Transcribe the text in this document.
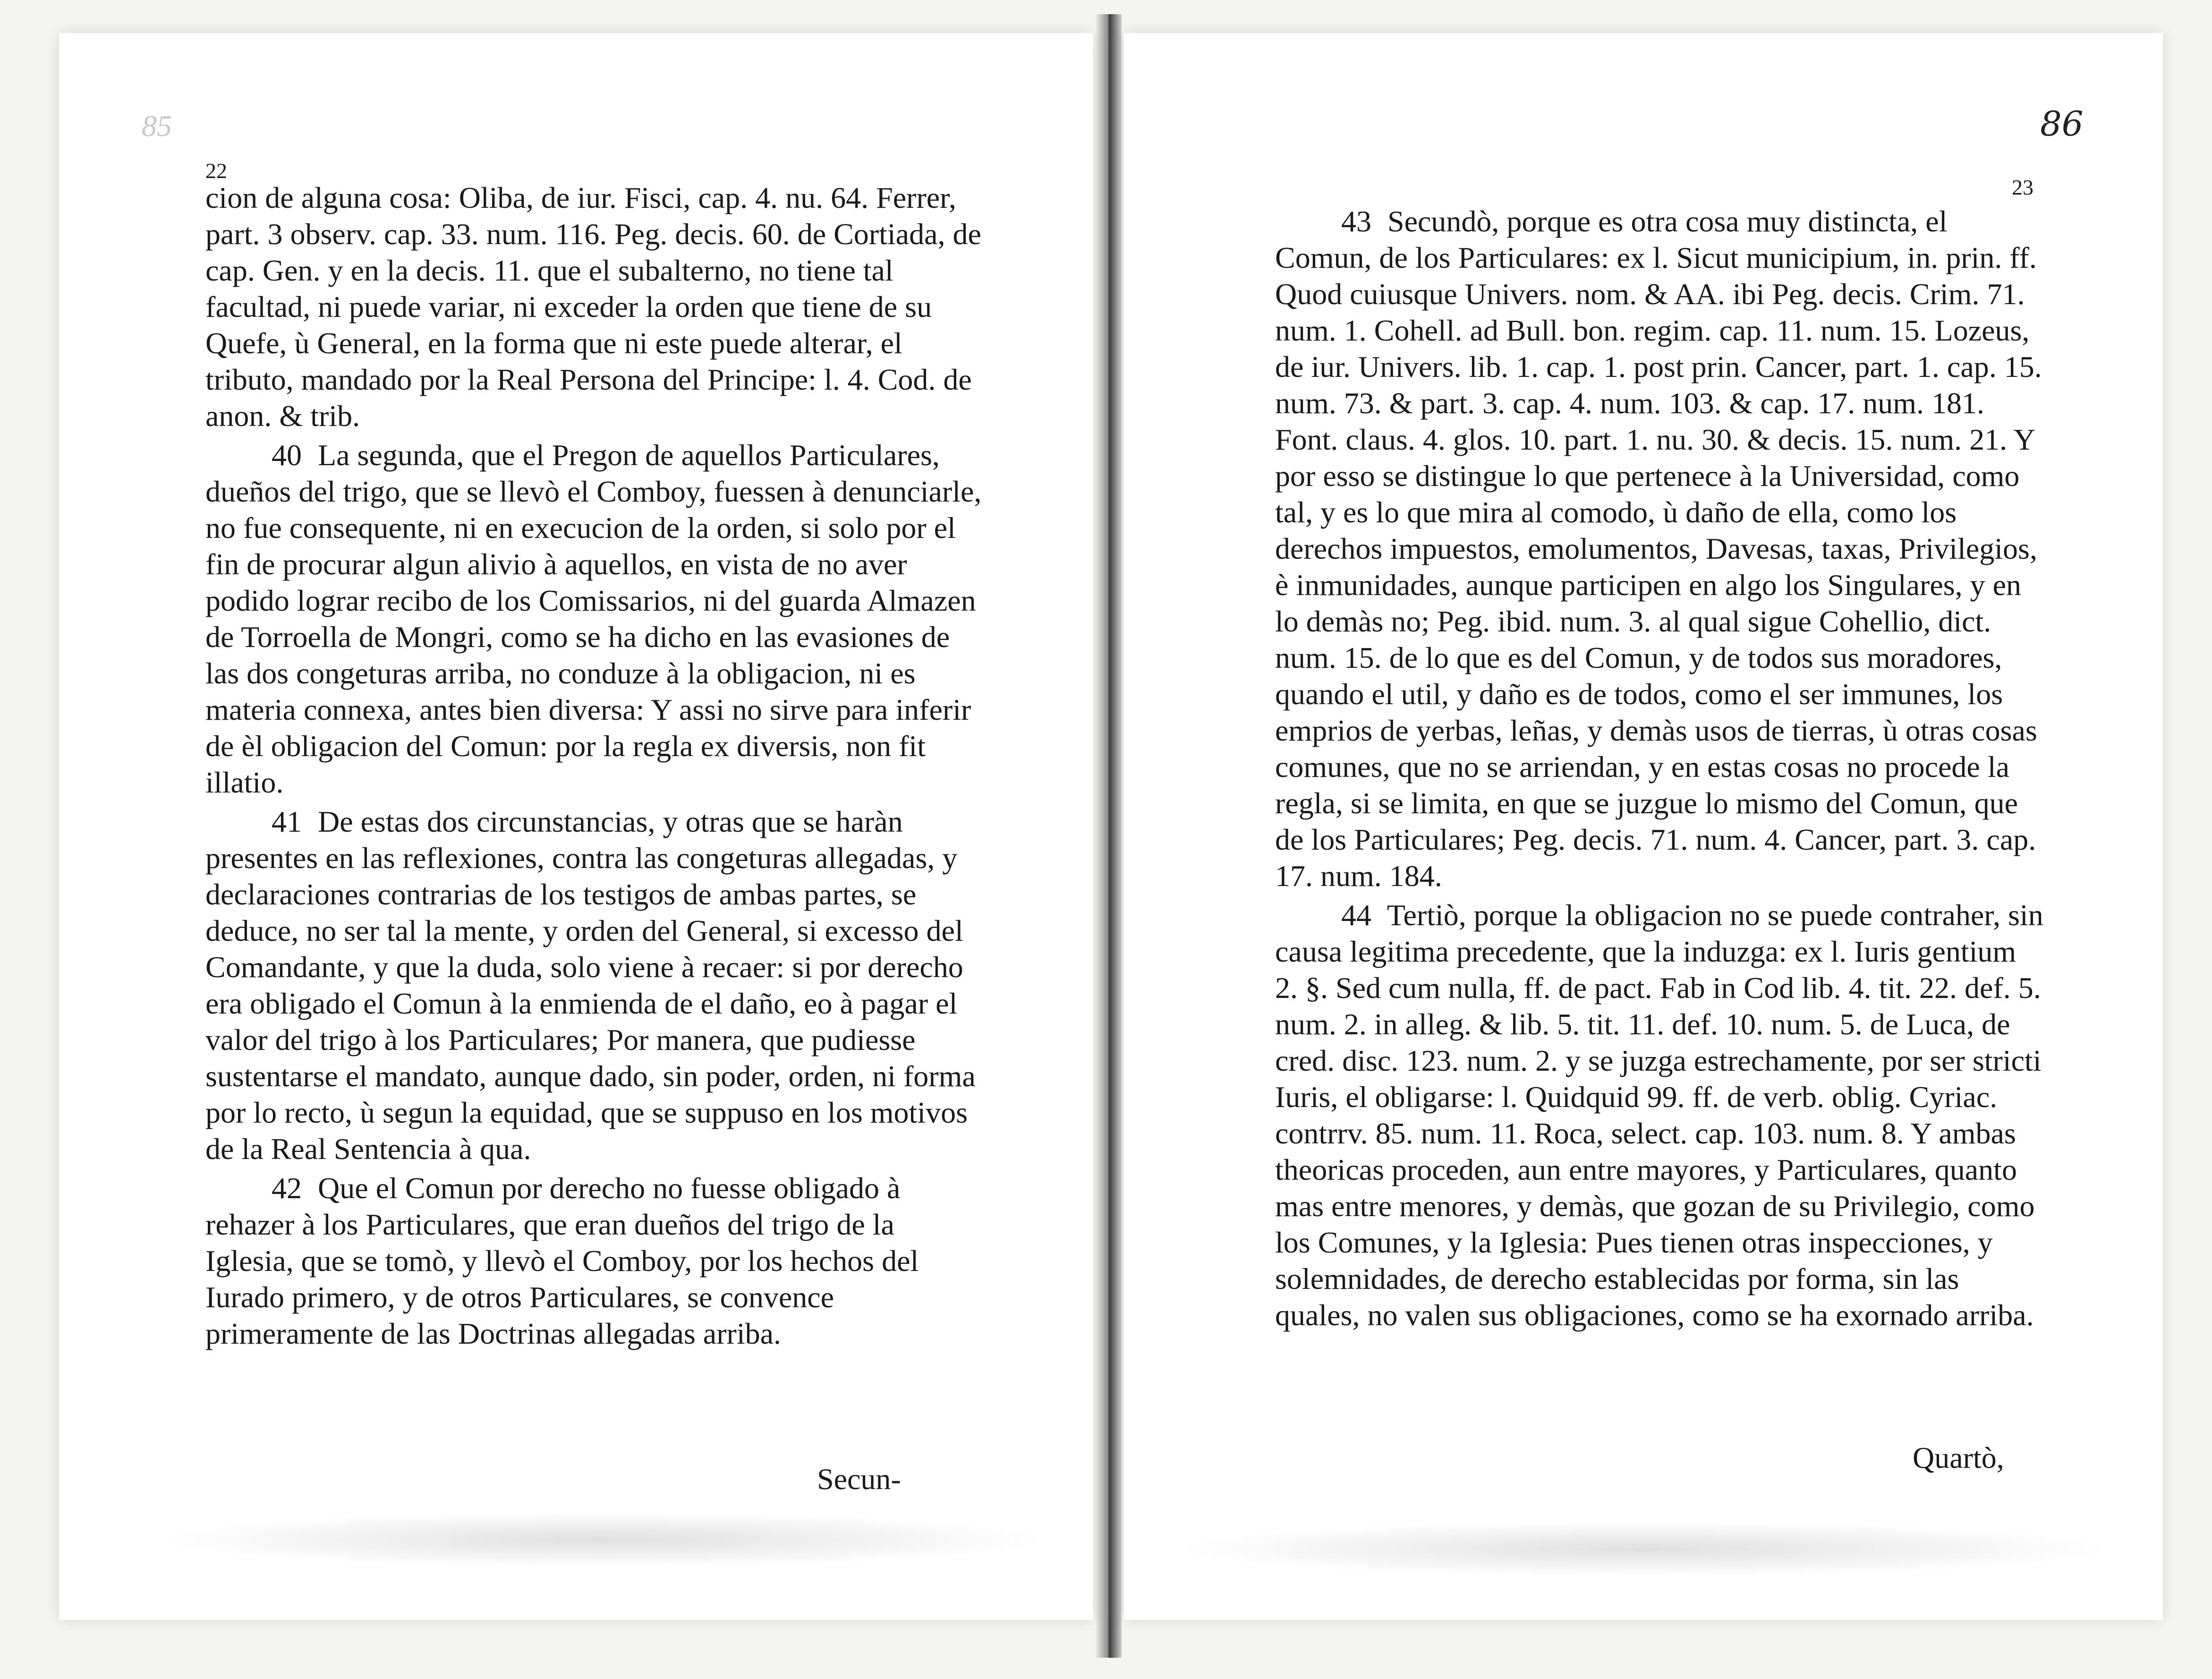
85
22

cion de alguna cosa: Oliba, de iur. Fisci, cap. 4. nu. 64. Ferrer, part. 3 observ. cap. 33. num. 116. Peg. decis. 60. de Cortiada, de cap. Gen. y en la decis. 11. que el subalterno, no tiene tal facultad, ni puede variar, ni exceder la orden que tiene de su Quefe, ù General, en la forma que ni este puede alterar, el tributo, mandado por la Real Persona del Principe: l. 4. Cod. de anon. & trib.

40 La segunda, que el Pregon de aquellos Particulares, dueños del trigo, que se llevò el Comboy, fuessen à denunciarle, no fue consequente, ni en execucion de la orden, si solo por el fin de procurar algun alivio à aquellos, en vista de no aver podido lograr recibo de los Comissarios, ni del guarda Almazen de Torroella de Mongri, como se ha dicho en las evasiones de las dos congeturas arriba, no conduze à la obligacion, ni es materia connexa, antes bien diversa: Y assi no sirve para inferir de èl obligacion del Comun: por la regla ex diversis, non fit illatio.

41 De estas dos circunstancias, y otras que se haràn presentes en las reflexiones, contra las congeturas allegadas, y declaraciones contrarias de los testigos de ambas partes, se deduce, no ser tal la mente, y orden del General, si excesso del Comandante, y que la duda, solo viene à recaer: si por derecho era obligado el Comun à la enmienda de el daño, eo à pagar el valor del trigo à los Particulares; Por manera, que pudiesse sustentarse el mandato, aunque dado, sin poder, orden, ni forma por lo recto, ù segun la equidad, que se suppuso en los motivos de la Real Sentencia à qua.

42 Que el Comun por derecho no fuesse obligado à rehazer à los Particulares, que eran dueños del trigo de la Iglesia, que se tomò, y llevò el Comboy, por los hechos del Iurado primero, y de otros Particulares, se convence primeramente de las Doctrinas allegadas arriba.

Secun-
86
23

43 Secundò, porque es otra cosa muy distincta, el Comun, de los Particulares: ex l. Sicut municipium, in. prin. ff. Quod cuiusque Univers. nom. & AA. ibi Peg. decis. Crim. 71. num. 1. Cohell. ad Bull. bon. regim. cap. 11. num. 15. Lozeus, de iur. Univers. lib. 1. cap. 1. post prin. Cancer, part. 1. cap. 15. num. 73. & part. 3. cap. 4. num. 103. & cap. 17. num. 181. Font. claus. 4. glos. 10. part. 1. nu. 30. & decis. 15. num. 21. Y por esso se distingue lo que pertenece à la Universidad, como tal, y es lo que mira al comodo, ù daño de ella, como los derechos impuestos, emolumentos, Davesas, taxas, Privilegios, è inmunidades, aunque participen en algo los Singulares, y en lo demàs no; Peg. ibid. num. 3. al qual sigue Cohellio, dict. num. 15. de lo que es del Comun, y de todos sus moradores, quando el util, y daño es de todos, como el ser immunes, los emprios de yerbas, leñas, y demàs usos de tierras, ù otras cosas comunes, que no se arriendan, y en estas cosas no procede la regla, si se limita, en que se juzgue lo mismo del Comun, que de los Particulares; Peg. decis. 71. num. 4. Cancer, part. 3. cap. 17. num. 184.

44 Tertiò, porque la obligacion no se puede contraher, sin causa legitima precedente, que la induzga: ex l. Iuris gentium 2. §. Sed cum nulla, ff. de pact. Fab in Cod lib. 4. tit. 22. def. 5. num. 2. in alleg. & lib. 5. tit. 11. def. 10. num. 5. de Luca, de cred. disc. 123. num. 2. y se juzga estrechamente, por ser stricti Iuris, el obligarse: l. Quidquid 99. ff. de verb. oblig. Cyriac. contrrv. 85. num. 11. Roca, select. cap. 103. num. 8. Y ambas theoricas proceden, aun entre mayores, y Particulares, quanto mas entre menores, y demàs, que gozan de su Privilegio, como los Comunes, y la Iglesia: Pues tienen otras inspecciones, y solemnidades, de derecho establecidas por forma, sin las quales, no valen sus obligaciones, como se ha exornado arriba.

Quartò,
